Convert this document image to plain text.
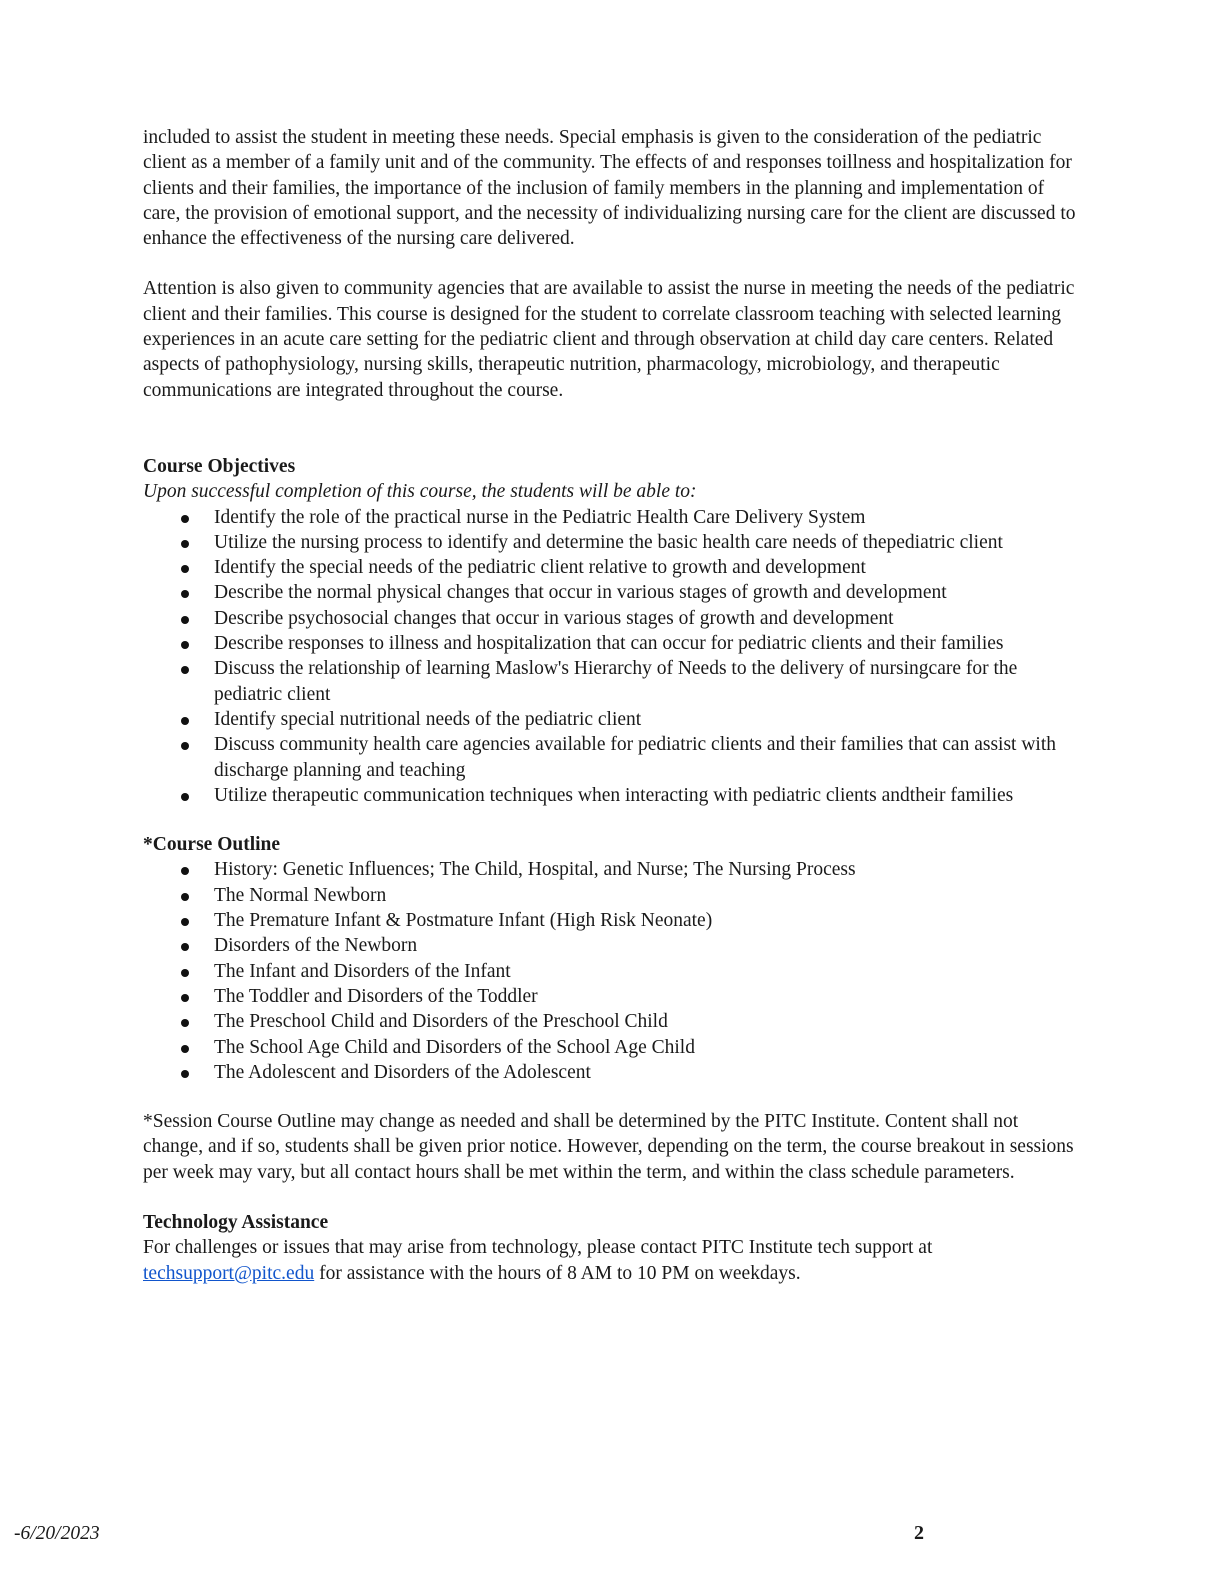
included to assist the student in meeting these needs. Special emphasis is given to the consideration of the pediatric client as a member of a family unit and of the community. The effects of and responses toillness and hospitalization for clients and their families, the importance of the inclusion of family members in the planning and implementation of care, the provision of emotional support, and the necessity of individualizing nursing care for the client are discussed to enhance the effectiveness of the nursing care delivered.

Attention is also given to community agencies that are available to assist the nurse in meeting the needs of the pediatric client and their families. This course is designed for the student to correlate classroom teaching with selected learning experiences in an acute care setting for the pediatric client and through observation at child day care centers. Related aspects of pathophysiology, nursing skills, therapeutic nutrition, pharmacology, microbiology, and therapeutic communications are integrated throughout the course.

Course Objectives

Upon successful completion of this course, the students will be able to:

Identify the role of the practical nurse in the Pediatric Health Care Delivery System
Utilize the nursing process to identify and determine the basic health care needs of thepediatric client
Identify the special needs of the pediatric client relative to growth and development
Describe the normal physical changes that occur in various stages of growth and development
Describe psychosocial changes that occur in various stages of growth and development
Describe responses to illness and hospitalization that can occur for pediatric clients and their families
Discuss the relationship of learning Maslow's Hierarchy of Needs to the delivery of nursingcare for the pediatric client
Identify special nutritional needs of the pediatric client
Discuss community health care agencies available for pediatric clients and their families that can assist with discharge planning and teaching
Utilize therapeutic communication techniques when interacting with pediatric clients andtheir families

*Course Outline

History: Genetic Influences; The Child, Hospital, and Nurse; The Nursing Process
The Normal Newborn
The Premature Infant & Postmature Infant (High Risk Neonate)
Disorders of the Newborn
The Infant and Disorders of the Infant
The Toddler and Disorders of the Toddler
The Preschool Child and Disorders of the Preschool Child
The School Age Child and Disorders of the School Age Child
The Adolescent and Disorders of the Adolescent

*Session Course Outline may change as needed and shall be determined by the PITC Institute. Content shall not change, and if so, students shall be given prior notice. However, depending on the term, the course breakout in sessions per week may vary, but all contact hours shall be met within the term, and within the class schedule parameters.

Technology Assistance

For challenges or issues that may arise from technology, please contact PITC Institute tech support at techsupport@pitc.edu for assistance with the hours of 8 AM to 10 PM on weekdays.

-6/20/2023	2
